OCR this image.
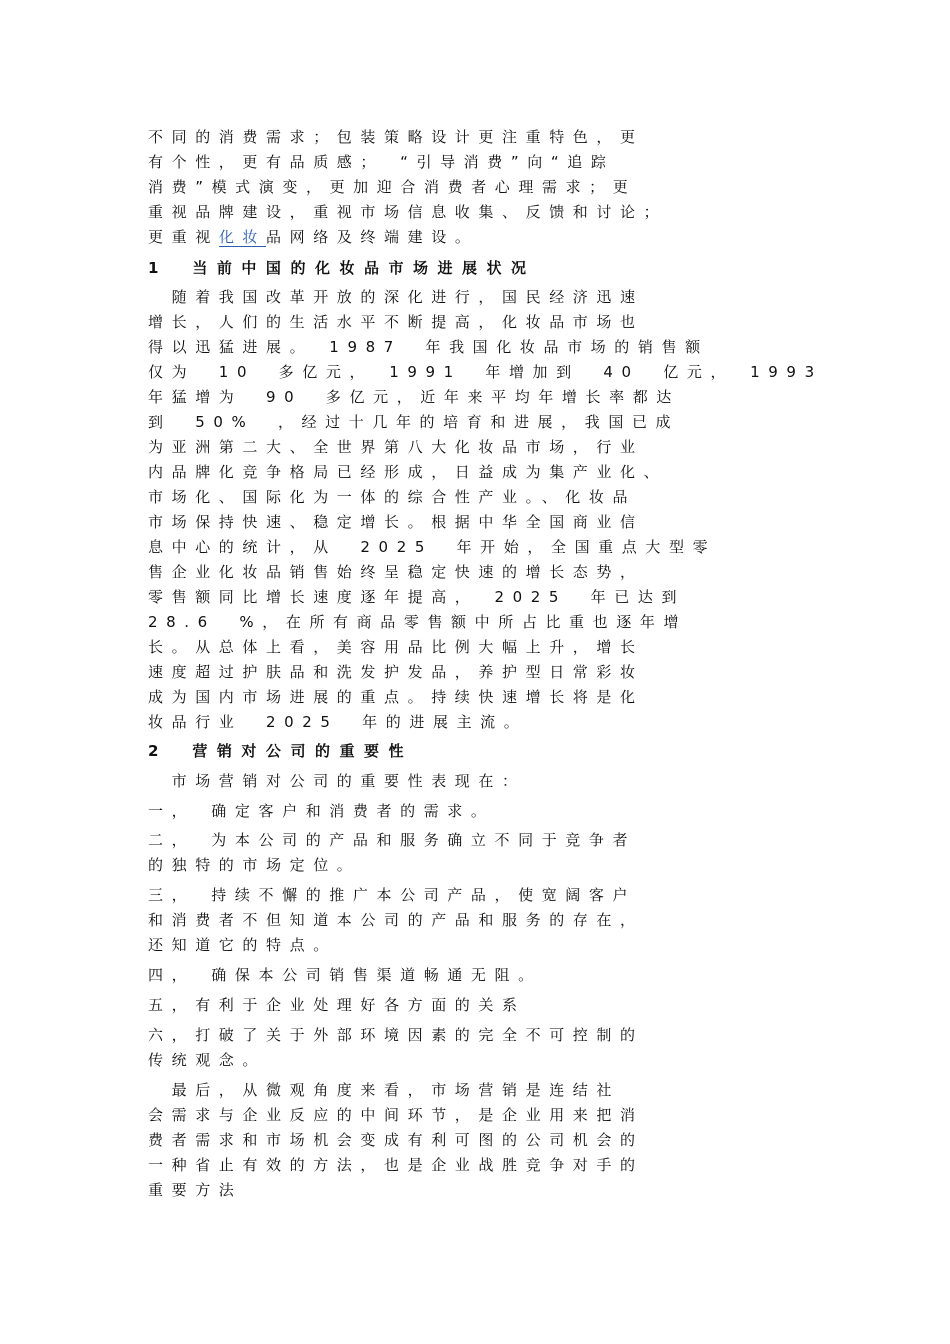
不同的消费需求；包装策略设计更注重特色，更
有个性，更有品质感；　“引导消费”向“追踪
消费”模式演变，更加迎合消费者心理需求；更
重视品牌建设，重视市场信息收集、反馈和讨论；
更重视化妆品网络及终端建设。
1　当前中国的化妆品市场进展状况
　随着我国改革开放的深化进行，国民经济迅速
增长，人们的生活水平不断提高，化妆品市场也
得以迅猛进展。　1987　年我国化妆品市场的销售额
仅为　10　多亿元，　1991　年增加到　40　亿元，　1993
年猛增为　90　多亿元，近年来平均年增长率都达
到　50%　，经过十几年的培育和进展，我国已成
为亚洲第二大、全世界第八大化妆品市场，行业
内品牌化竞争格局已经形成，日益成为集产业化、
市场化、国际化为一体的综合性产业。、化妆品
市场保持快速、稳定增长。根据中华全国商业信
息中心的统计，从　2025　年开始，全国重点大型零
售企业化妆品销售始终呈稳定快速的增长态势，
零售额同比增长速度逐年提高，　2025　年已达到
28.6　%，在所有商品零售额中所占比重也逐年增
长。从总体上看，美容用品比例大幅上升，增长
速度超过护肤品和洗发护发品，养护型日常彩妆
成为国内市场进展的重点。持续快速增长将是化
妆品行业　2025　年的进展主流。
2　营销对公司的重要性
　市场营销对公司的重要性表现在：
一，　确定客户和消费者的需求。
二，　为本公司的产品和服务确立不同于竞争者
的独特的市场定位。
三，　持续不懈的推广本公司产品，使宽阔客户
和消费者不但知道本公司的产品和服务的存在，
还知道它的特点。
四，　确保本公司销售渠道畅通无阻。
五，有利于企业处理好各方面的关系
六，打破了关于外部环境因素的完全不可控制的
传统观念。
　最后，从微观角度来看，市场营销是连结社
会需求与企业反应的中间环节，是企业用来把消
费者需求和市场机会变成有利可图的公司机会的
一种省止有效的方法，也是企业战胜竞争对手的
重要方法
